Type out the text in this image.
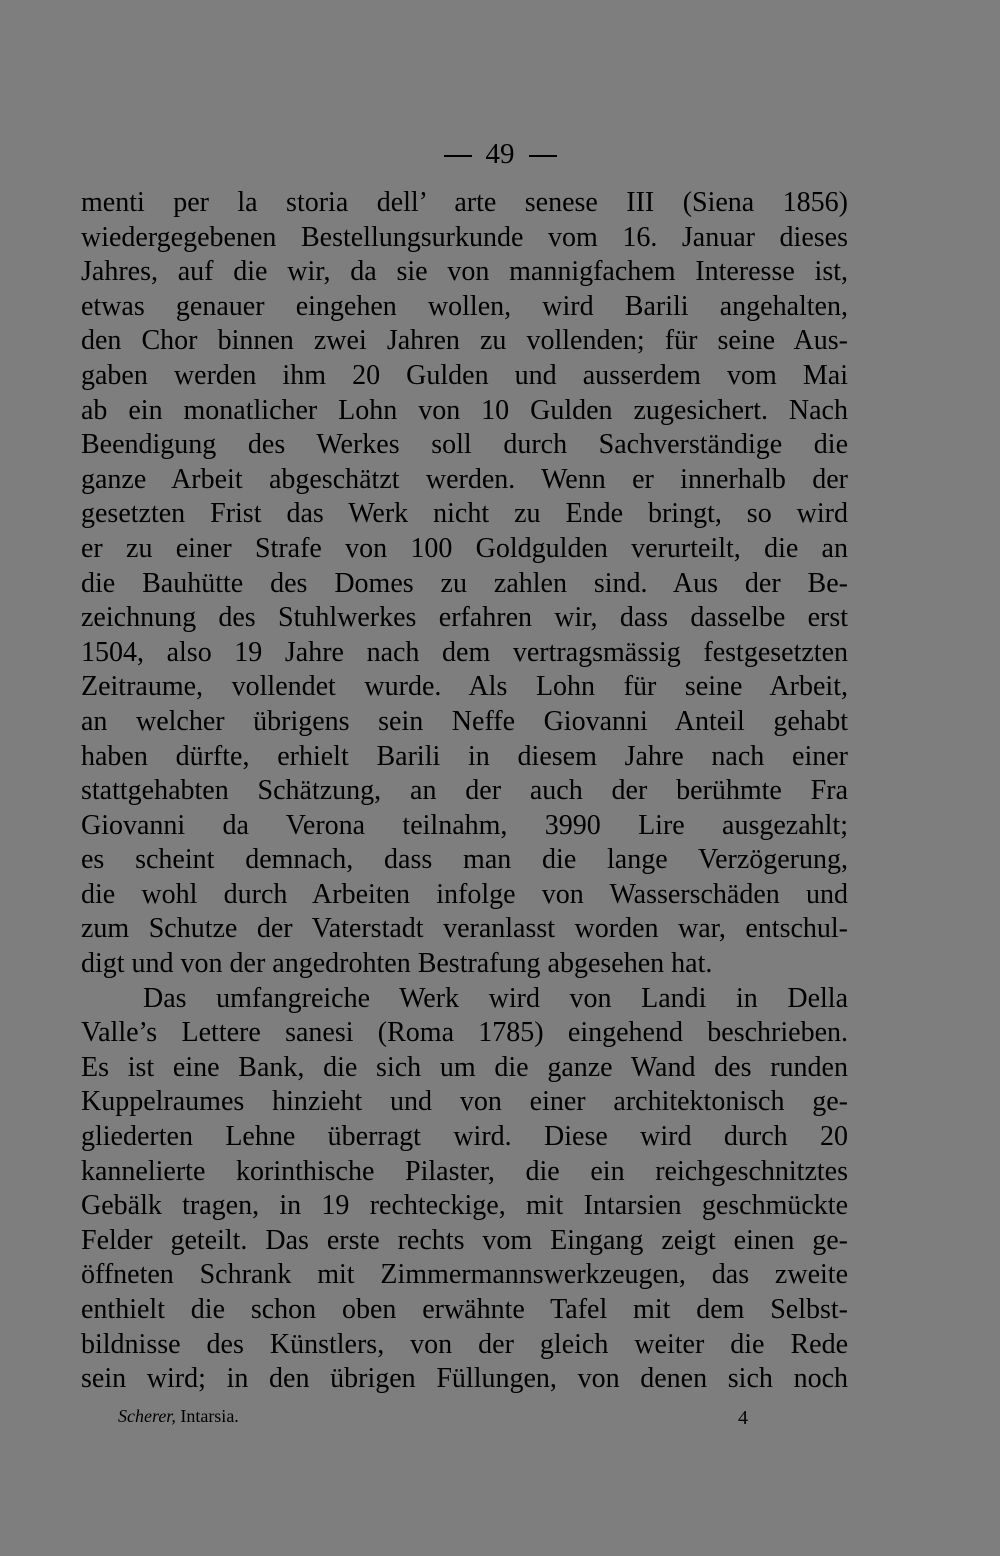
49
menti per la storia dell’ arte senese III (Siena 1856)
wiedergegebenen Bestellungsurkunde vom 16. Januar dieses
Jahres, auf die wir, da sie von mannigfachem Interesse ist,
etwas genauer eingehen wollen, wird Barili angehalten,
den Chor binnen zwei Jahren zu vollenden; für seine Aus-
gaben werden ihm 20 Gulden und ausserdem vom Mai
ab ein monatlicher Lohn von 10 Gulden zugesichert. Nach
Beendigung des Werkes soll durch Sachverständige die
ganze Arbeit abgeschätzt werden. Wenn er innerhalb der
gesetzten Frist das Werk nicht zu Ende bringt, so wird
er zu einer Strafe von 100 Goldgulden verurteilt, die an
die Bauhütte des Domes zu zahlen sind. Aus der Be-
zeichnung des Stuhlwerkes erfahren wir, dass dasselbe erst
1504, also 19 Jahre nach dem vertragsmässig festgesetzten
Zeitraume, vollendet wurde. Als Lohn für seine Arbeit,
an welcher übrigens sein Neffe Giovanni Anteil gehabt
haben dürfte, erhielt Barili in diesem Jahre nach einer
stattgehabten Schätzung, an der auch der berühmte Fra
Giovanni da Verona teilnahm, 3990 Lire ausgezahlt;
es scheint demnach, dass man die lange Verzögerung,
die wohl durch Arbeiten infolge von Wasserschäden und
zum Schutze der Vaterstadt veranlasst worden war, entschul-
digt und von der angedrohten Bestrafung abgesehen hat.
Das umfangreiche Werk wird von Landi in Della
Valle’s Lettere sanesi (Roma 1785) eingehend beschrieben.
Es ist eine Bank, die sich um die ganze Wand des runden
Kuppelraumes hinzieht und von einer architektonisch ge-
gliederten Lehne überragt wird. Diese wird durch 20
kannelierte korinthische Pilaster, die ein reichgeschnitztes
Gebälk tragen, in 19 rechteckige, mit Intarsien geschmückte
Felder geteilt. Das erste rechts vom Eingang zeigt einen ge-
öffneten Schrank mit Zimmermannswerkzeugen, das zweite
enthielt die schon oben erwähnte Tafel mit dem Selbst-
bildnisse des Künstlers, von der gleich weiter die Rede
sein wird; in den übrigen Füllungen, von denen sich noch
Scherer, Intarsia.	4
